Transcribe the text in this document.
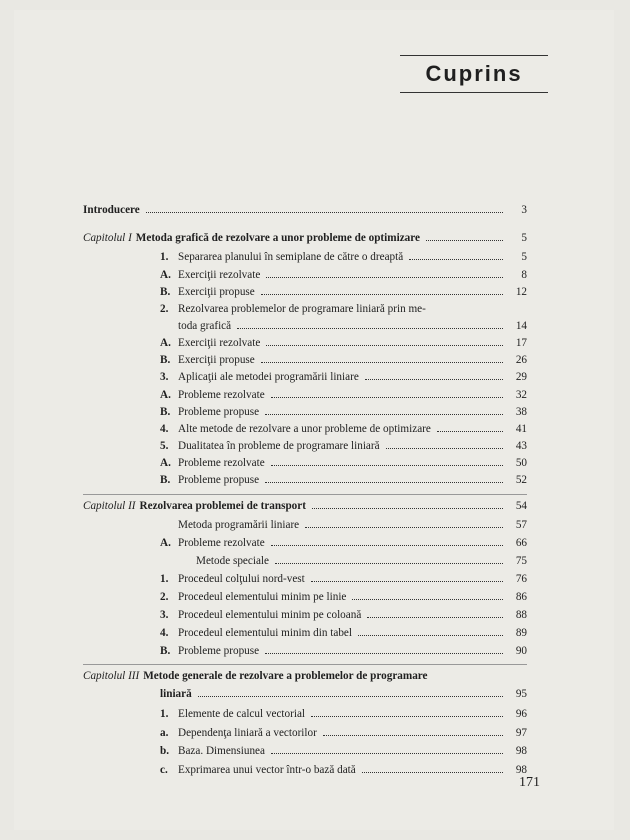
Cuprins
Introducere	3
Capitolul I Metoda grafică de rezolvare a unor probleme de optimizare	5
1. Separarea planului în semiplane de către o dreaptă	5
A. Exerciţii rezolvate	8
B. Exerciţii propuse	12
2. Rezolvarea problemelor de programare liniară prin me-
toda grafică	14
A. Exerciţii rezolvate	17
B. Exerciţii propuse	26
3. Aplicaţii ale metodei programării liniare	29
A. Probleme rezolvate	32
B. Probleme propuse	38
4. Alte metode de rezolvare a unor probleme de optimizare	41
5. Dualitatea în probleme de programare liniară	43
A. Probleme rezolvate	50
B. Probleme propuse	52
Capitolul II Rezolvarea problemei de transport	54
Metoda programării liniare	57
A. Probleme rezolvate	66
Metode speciale	75
1. Procedeul colţului nord-vest	76
2. Procedeul elementului minim pe linie	86
3. Procedeul elementului minim pe coloană	88
4. Procedeul elementului minim din tabel	89
B. Probleme propuse	90
Capitolul III Metode generale de rezolvare a problemelor de programare
liniară	95
1. Elemente de calcul vectorial	96
a. Dependenţa liniară a vectorilor	97
b. Baza. Dimensiunea	98
c. Exprimarea unui vector într-o bază dată	98
171
